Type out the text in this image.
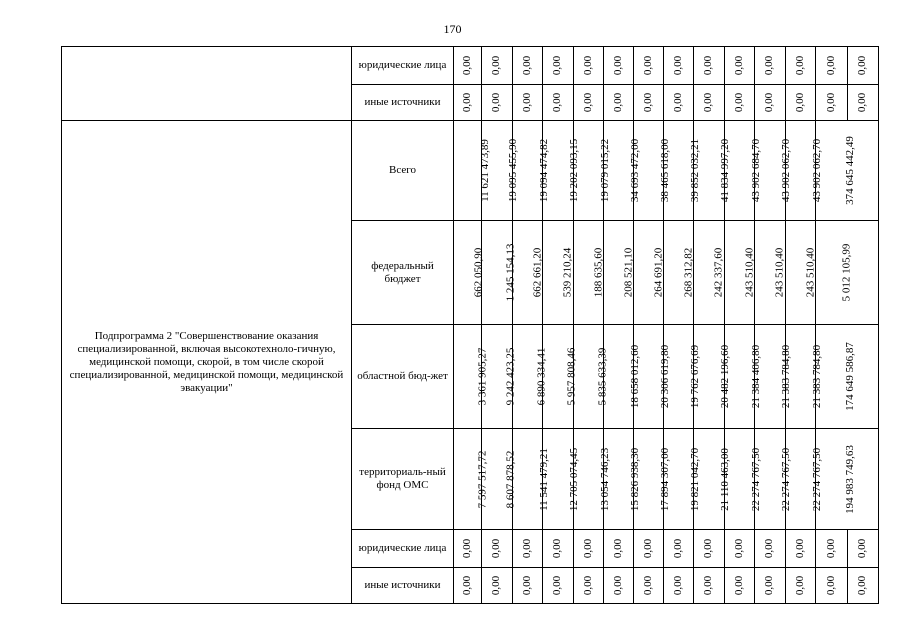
170
	юридические лица	0,00	0,00	0,00	0,00	0,00	0,00	0,00	0,00	0,00	0,00	0,00	0,00	0,00	0,00
	иные источники	0,00	0,00	0,00	0,00	0,00	0,00	0,00	0,00	0,00	0,00	0,00	0,00	0,00	0,00
Подпрограмма 2 "Совершенствование оказания специализированной, включая высокотехноло-гичную, медицинской помощи, скорой, в том числе скорой специализированной, медицинской помощи, медицинской эвакуации"	Всего	11 621 473,89	19 095 455,90	19 094 474,82	19 202 093,15	19 079 015,22	34 693 472,00	38 465 618,00	39 852 032,21	41 834 997,20	43 902 684,70	43 902 062,70	43 902 062,70	374 645 442,49	
	федеральный бюджет	662 050,90	1 245 154,13	662 661,20	539 210,24	188 635,60	208 521,10	264 691,20	268 312,82	242 337,60	243 510,40	243 510,40	243 510,40	5 012 105,99	
	областной бюд-жет	3 361 905,27	9 242 423,25	6 890 334,41	5 957 808,46	5 835 633,39	18 658 012,60	20 306 619,80	19 762 676,69	20 482 196,60	21 384 406,80	21 383 784,80	21 383 784,80	174 649 586,87	
	территориаль-ный фонд ОМС	7 597 517,72	8 607 878,52	11 541 479,21	12 705 074,45	13 054 746,23	15 826 938,30	17 894 307,00	19 821 042,70	21 110 463,00	22 274 767,50	22 274 767,50	22 274 767,50	194 983 749,63	
	юридические лица	0,00	0,00	0,00	0,00	0,00	0,00	0,00	0,00	0,00	0,00	0,00	0,00	0,00	0,00
	иные источники	0,00	0,00	0,00	0,00	0,00	0,00	0,00	0,00	0,00	0,00	0,00	0,00	0,00	0,00
